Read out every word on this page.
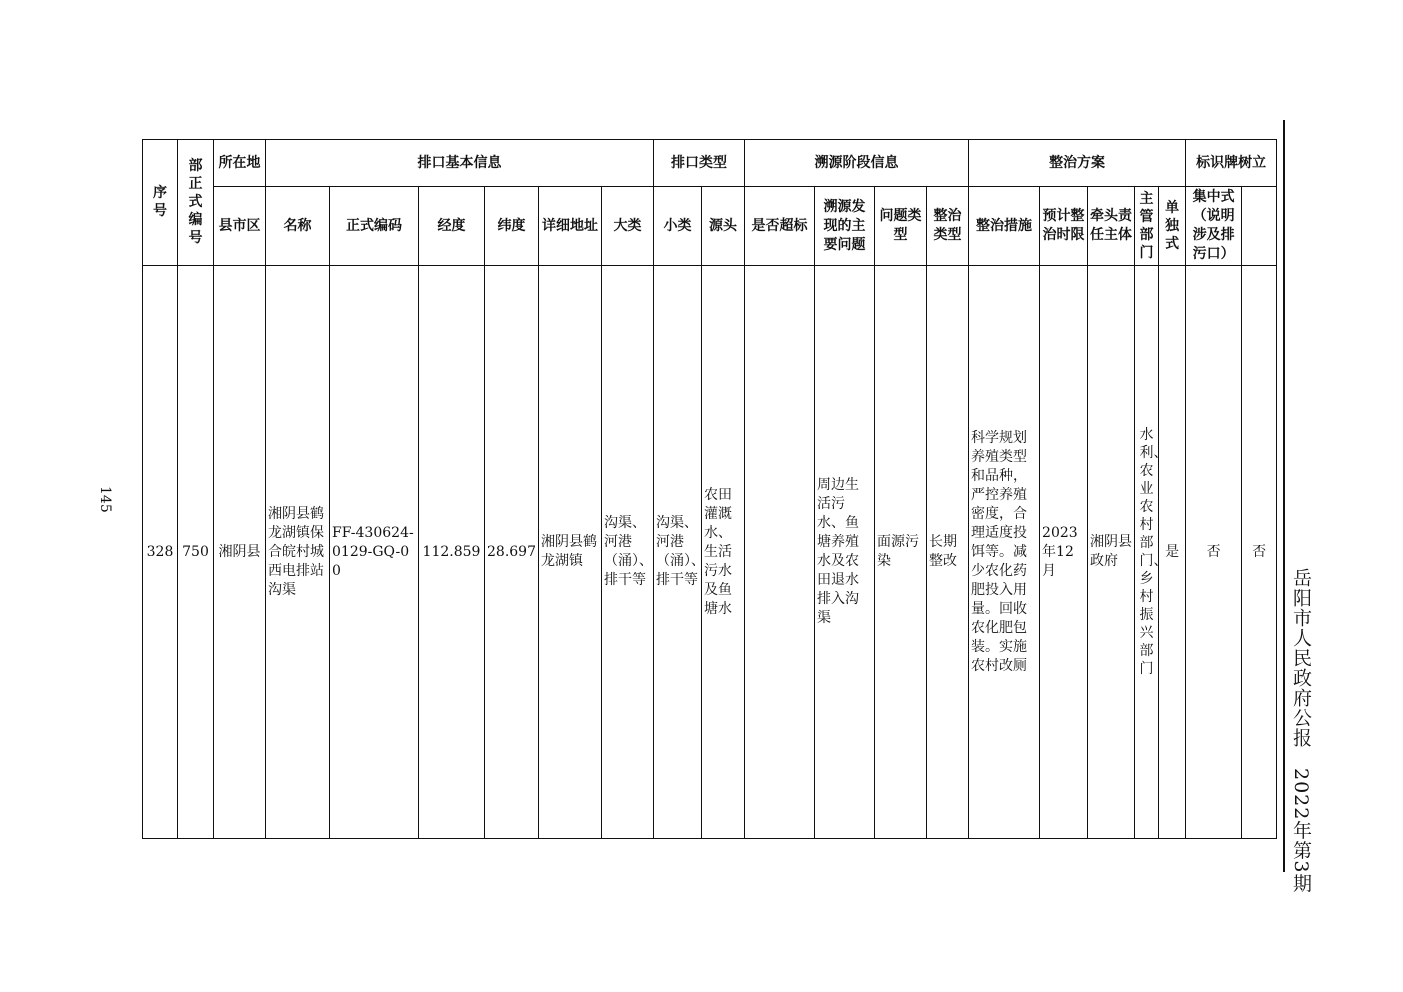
145
岳阳市人民政府公报　2022年第3期
序号	部正式编号	所在地	排口基本信息						排口类型		溯源阶段信息				整治方案					标识牌树立	
		县市区	名称	正式编码	经度	纬度	详细地址	大类	小类	源头	是否超标	溯源发现的主要问题	问题类型	整治类型	整治措施	预计整治时限	牵头责任主体	主管部门	单独式	集中式（说明涉及排污口）		
328	750	湘阴县	湘阴县鹤龙湖镇保合皖村城西电排站沟渠	FF-430624-0129-GQ-00	112.859	28.697	湘阴县鹤龙湖镇	沟渠、河港（涌）、排干等	沟渠、河港（涌）、排干等	农田灌溉水、生活污水及鱼塘水		周边生活污水、鱼塘养殖水及农田退水排入沟渠	面源污染	长期整改	科学规划养殖类型和品种，严控养殖密度，合理适度投饵等。减少农化药肥投入用量。回收农化肥包装。实施农村改厕	2023年12月	湘阴县政府	水利、农业农村部门、乡村振兴部门	是	否	否	
